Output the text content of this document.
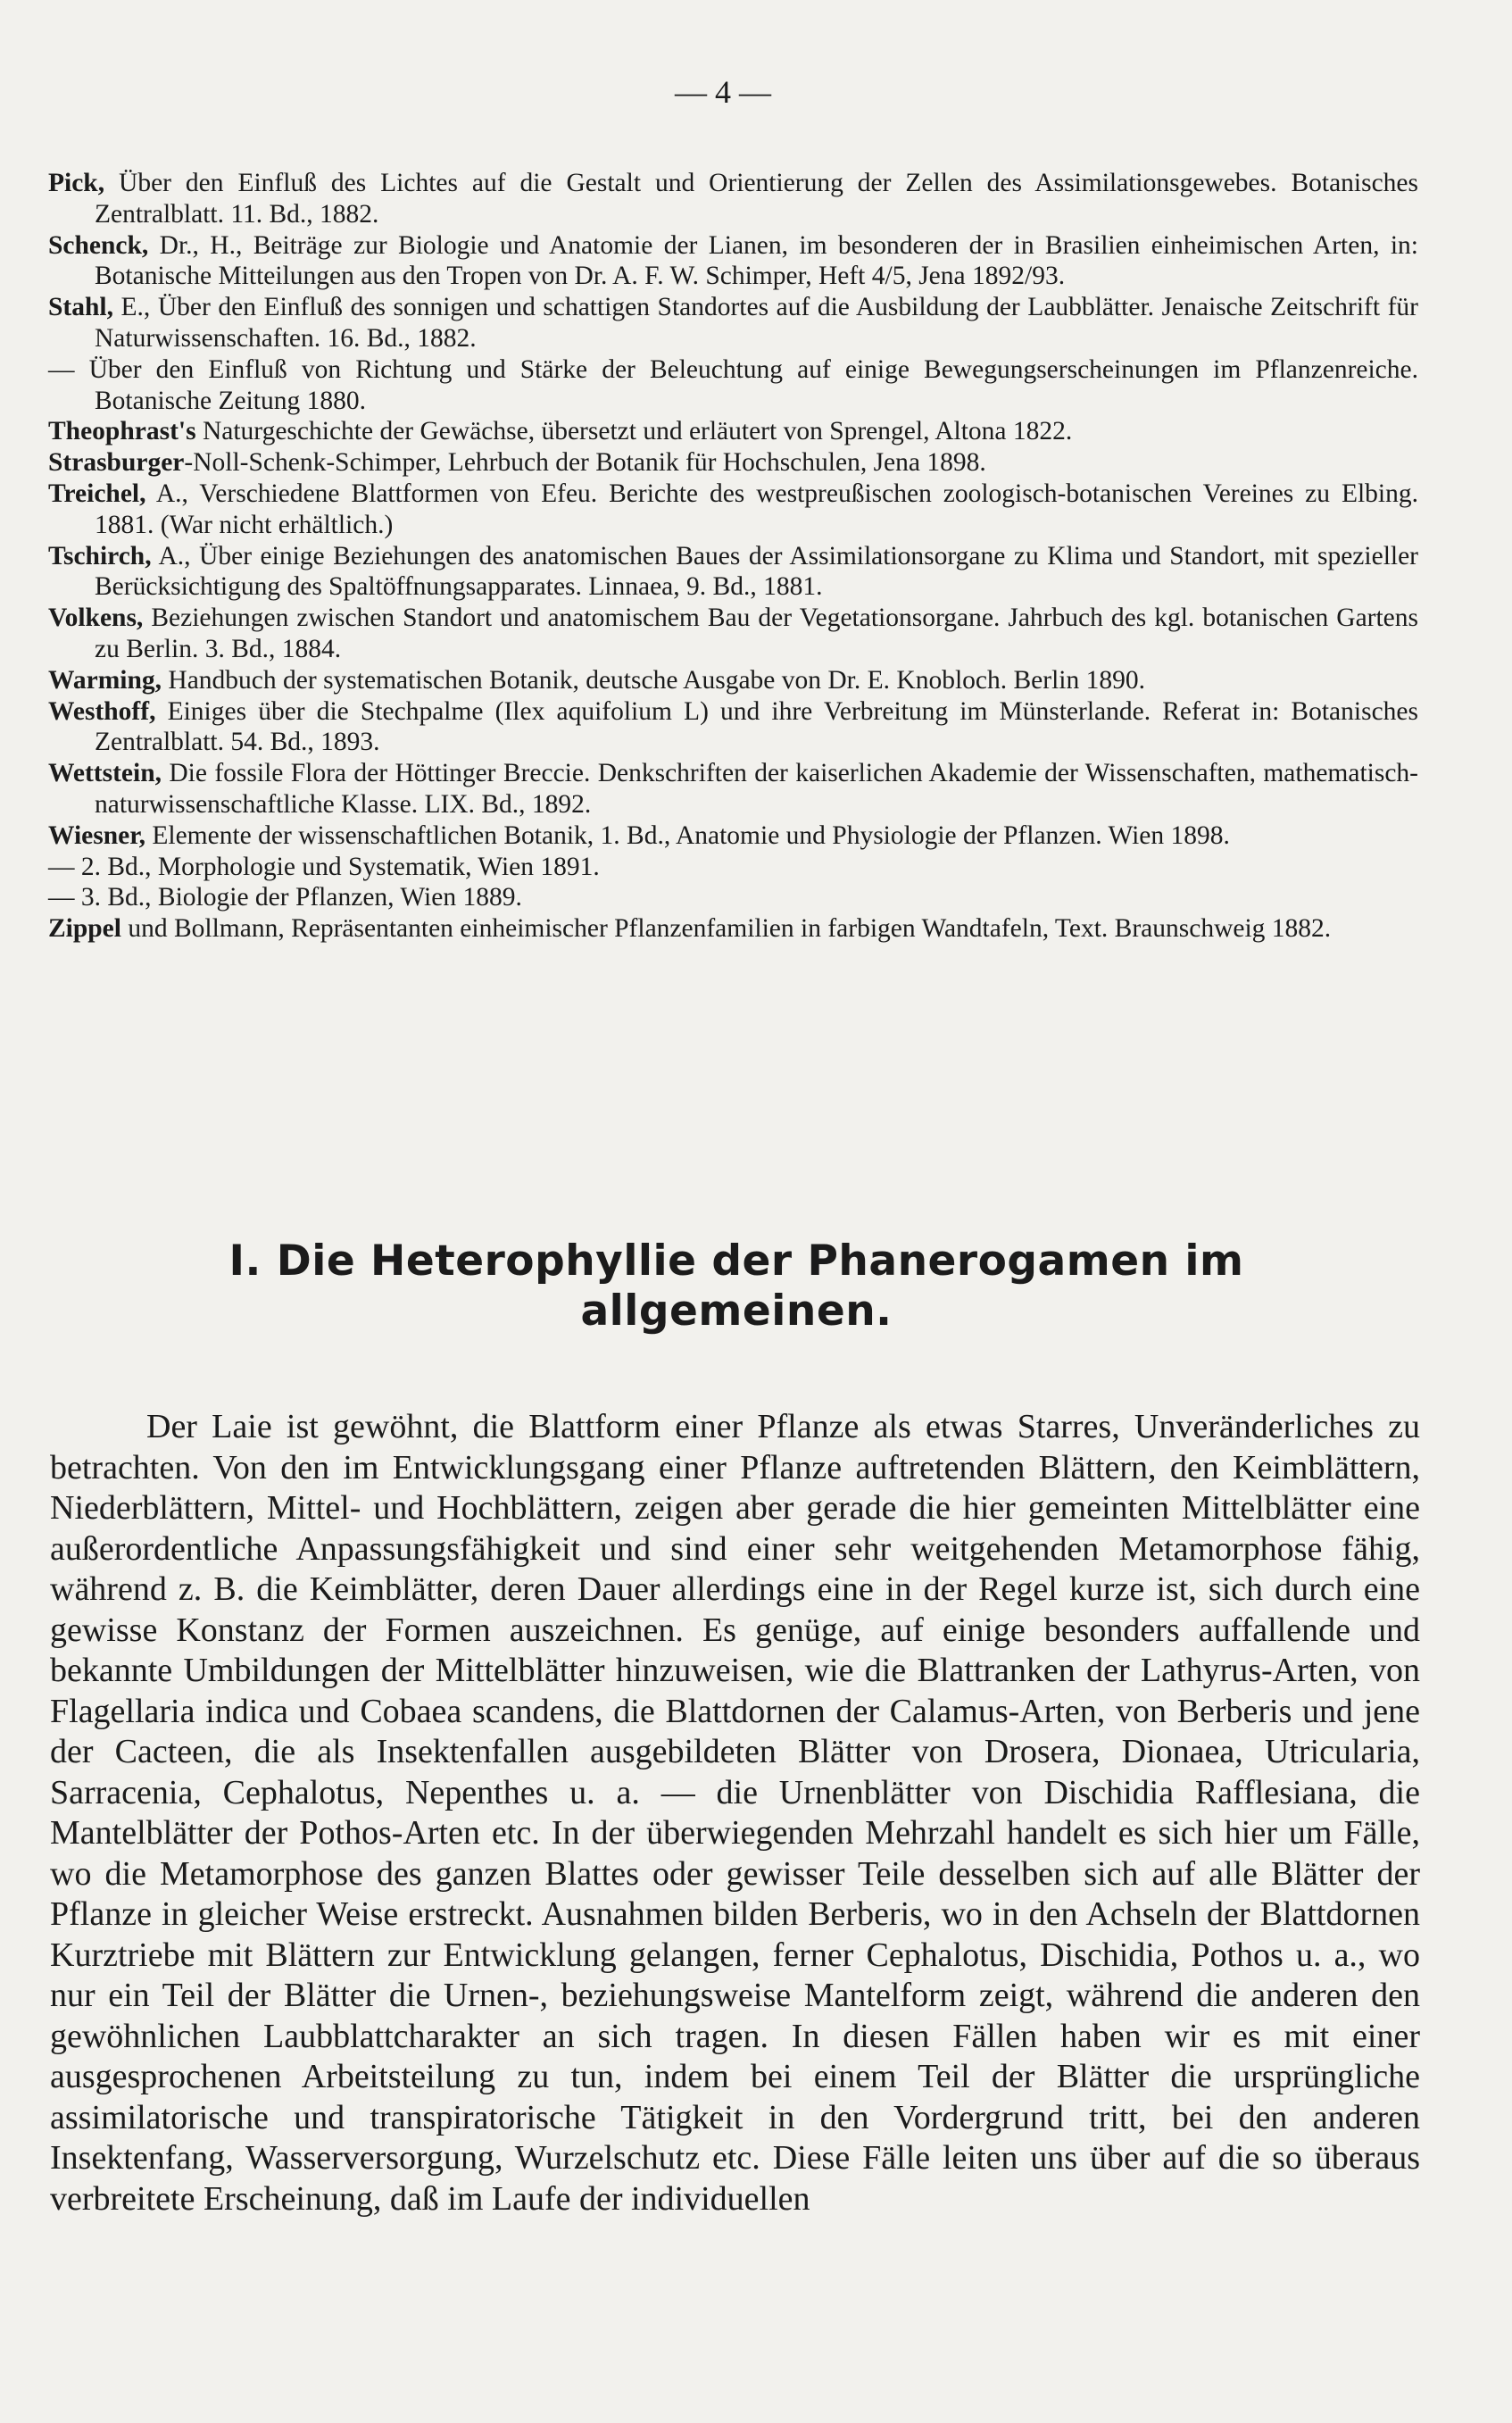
— 4 —
Pick, Über den Einfluß des Lichtes auf die Gestalt und Orientierung der Zellen des Assimilationsgewebes. Botanisches Zentralblatt. 11. Bd., 1882.
Schenck, Dr., H., Beiträge zur Biologie und Anatomie der Lianen, im besonderen der in Brasilien einheimischen Arten, in: Botanische Mitteilungen aus den Tropen von Dr. A. F. W. Schimper, Heft 4/5, Jena 1892/93.
Stahl, E., Über den Einfluß des sonnigen und schattigen Standortes auf die Ausbildung der Laubblätter. Jenaische Zeitschrift für Naturwissenschaften. 16. Bd., 1882.
— Über den Einfluß von Richtung und Stärke der Beleuchtung auf einige Bewegungserscheinungen im Pflanzenreiche. Botanische Zeitung 1880.
Theophrast's Naturgeschichte der Gewächse, übersetzt und erläutert von Sprengel, Altona 1822.
Strasburger-Noll-Schenk-Schimper, Lehrbuch der Botanik für Hochschulen, Jena 1898.
Treichel, A., Verschiedene Blattformen von Efeu. Berichte des westpreußischen zoologisch-botanischen Vereines zu Elbing. 1881. (War nicht erhältlich.)
Tschirch, A., Über einige Beziehungen des anatomischen Baues der Assimilationsorgane zu Klima und Standort, mit spezieller Berücksichtigung des Spaltöffnungsapparates. Linnaea, 9. Bd., 1881.
Volkens, Beziehungen zwischen Standort und anatomischem Bau der Vegetationsorgane. Jahrbuch des kgl. botanischen Gartens zu Berlin. 3. Bd., 1884.
Warming, Handbuch der systematischen Botanik, deutsche Ausgabe von Dr. E. Knobloch. Berlin 1890.
Westhoff, Einiges über die Stechpalme (Ilex aquifolium L) und ihre Verbreitung im Münsterlande. Referat in: Botanisches Zentralblatt. 54. Bd., 1893.
Wettstein, Die fossile Flora der Höttinger Breccie. Denkschriften der kaiserlichen Akademie der Wissenschaften, mathematisch-naturwissenschaftliche Klasse. LIX. Bd., 1892.
Wiesner, Elemente der wissenschaftlichen Botanik, 1. Bd., Anatomie und Physiologie der Pflanzen. Wien 1898.
— 2. Bd., Morphologie und Systematik, Wien 1891.
— 3. Bd., Biologie der Pflanzen, Wien 1889.
Zippel und Bollmann, Repräsentanten einheimischer Pflanzenfamilien in farbigen Wandtafeln, Text. Braunschweig 1882.
I. Die Heterophyllie der Phanerogamen im allgemeinen.

Der Laie ist gewöhnt, die Blattform einer Pflanze als etwas Starres, Unveränderliches zu betrachten. Von den im Entwicklungsgang einer Pflanze auftretenden Blättern, den Keimblättern, Niederblättern, Mittel- und Hochblättern, zeigen aber gerade die hier gemeinten Mittelblätter eine außerordentliche Anpassungsfähigkeit und sind einer sehr weitgehenden Metamorphose fähig, während z. B. die Keimblätter, deren Dauer allerdings eine in der Regel kurze ist, sich durch eine gewisse Konstanz der Formen auszeichnen. Es genüge, auf einige besonders auffallende und bekannte Umbildungen der Mittelblätter hinzuweisen, wie die Blattranken der Lathyrus-Arten, von Flagellaria indica und Cobaea scandens, die Blattdornen der Calamus-Arten, von Berberis und jene der Cacteen, die als Insektenfallen ausgebildeten Blätter von Drosera, Dionaea, Utricularia, Sarracenia, Cephalotus, Nepenthes u. a. — die Urnenblätter von Dischidia Rafflesiana, die Mantelblätter der Pothos-Arten etc. In der überwiegenden Mehrzahl handelt es sich hier um Fälle, wo die Metamorphose des ganzen Blattes oder gewisser Teile desselben sich auf alle Blätter der Pflanze in gleicher Weise erstreckt. Ausnahmen bilden Berberis, wo in den Achseln der Blattdornen Kurztriebe mit Blättern zur Entwicklung gelangen, ferner Cephalotus, Dischidia, Pothos u. a., wo nur ein Teil der Blätter die Urnen-, beziehungsweise Mantelform zeigt, während die anderen den gewöhnlichen Laubblattcharakter an sich tragen. In diesen Fällen haben wir es mit einer ausgesprochenen Arbeitsteilung zu tun, indem bei einem Teil der Blätter die ursprüngliche assimilatorische und transpiratorische Tätigkeit in den Vordergrund tritt, bei den anderen Insektenfang, Wasserversorgung, Wurzelschutz etc. Diese Fälle leiten uns über auf die so überaus verbreitete Erscheinung, daß im Laufe der individuellen
